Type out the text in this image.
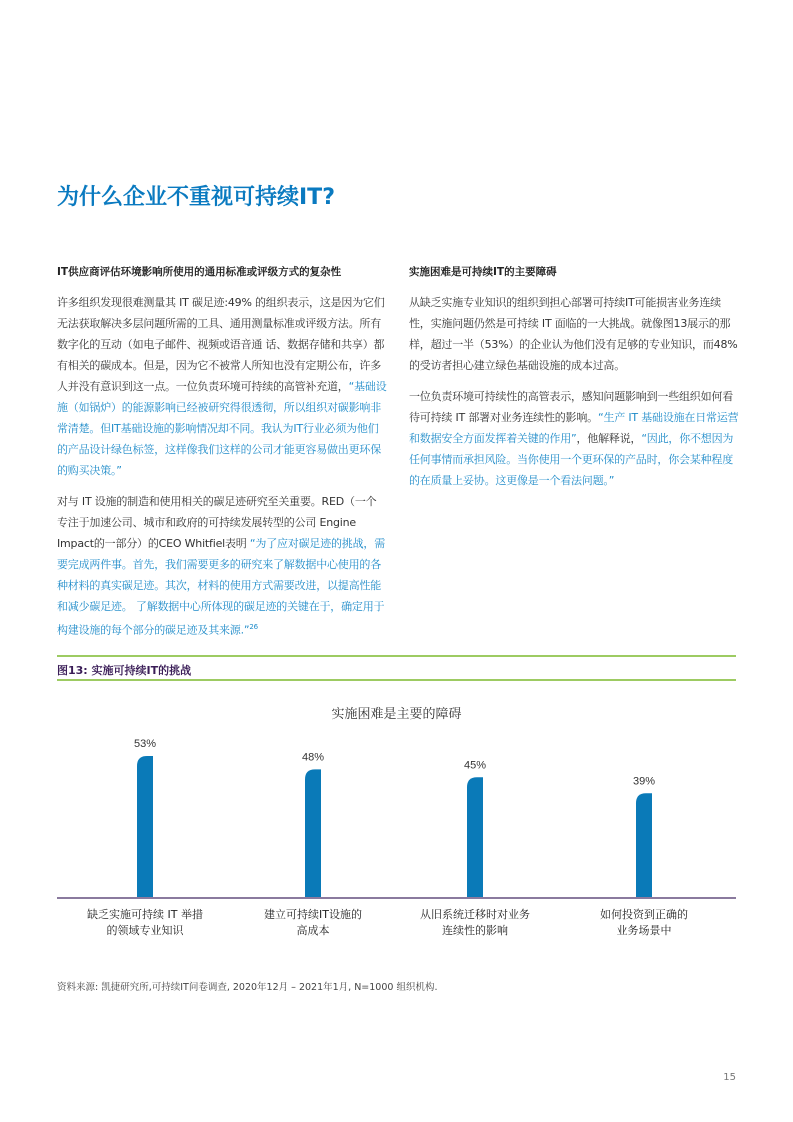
为什么企业不重视可持续IT?
IT供应商评估环境影响所使用的通用标准或评级方式的复杂性

许多组织发现很难测量其 IT 碳足迹:49% 的组织表示，这是因为它们无法获取解决多层问题所需的工具、通用测量标准或评级方法。所有数字化的互动（如电子邮件、视频或语音通 话、数据存储和共享）都有相关的碳成本。但是，因为它不被常人所知也没有定期公布，许多人并没有意识到这一点。一位负责环境可持续的高管补充道，“基础设施（如锅炉）的能源影响已经被研究得很透彻，所以组织对碳影响非常清楚。但IT基础设施的影响情况却不同。我认为IT行业必须为他们的产品设计绿色标签，这样像我们这样的公司才能更容易做出更环保的购买决策。”

对与 IT 设施的制造和使用相关的碳足迹研究至关重要。RED（一个专注于加速公司、城市和政府的可持续发展转型的公司 Engine Impact的一部分）的CEO Whitfiel表明 “为了应对碳足迹的挑战，需要完成两件事。首先，我们需要更多的研究来了解数据中心使用的各种材料的真实碳足迹。其次，材料的使用方式需要改进，以提高性能和减少碳足迹。 了解数据中心所体现的碳足迹的关键在于，确定用于构建设施的每个部分的碳足迹及其来源.”$^{26}$

实施困难是可持续IT的主要障碍

从缺乏实施专业知识的组织到担心部署可持续IT可能损害业务连续性，实施问题仍然是可持续 IT 面临的一大挑战。就像图13展示的那样，超过一半（53%）的企业认为他们没有足够的专业知识，而48%的受访者担心建立绿色基础设施的成本过高。

一位负责环境可持续性的高管表示，感知问题影响到一些组织如何看待可持续 IT 部署对业务连续性的影响。“生产 IT 基础设施在日常运营和数据安全方面发挥着关键的作用”，他解释说，“因此，你不想因为任何事情而承担风险。当你使用一个更环保的产品时，你会某种程度的在质量上妥协。这更像是一个看法问题。”

图13: 实施可持续IT的挑战
实施困难是主要的障碍
53%
48%
45%
39%
缺乏实施可持续 IT 举措
的领域专业知识
建立可持续IT设施的
高成本
从旧系统迁移时对业务
连续性的影响
如何投资到正确的
业务场景中
资料来源: 凯捷研究所,可持续IT问卷调查, 2020年12月 – 2021年1月, N=1000 组织机构.
15
